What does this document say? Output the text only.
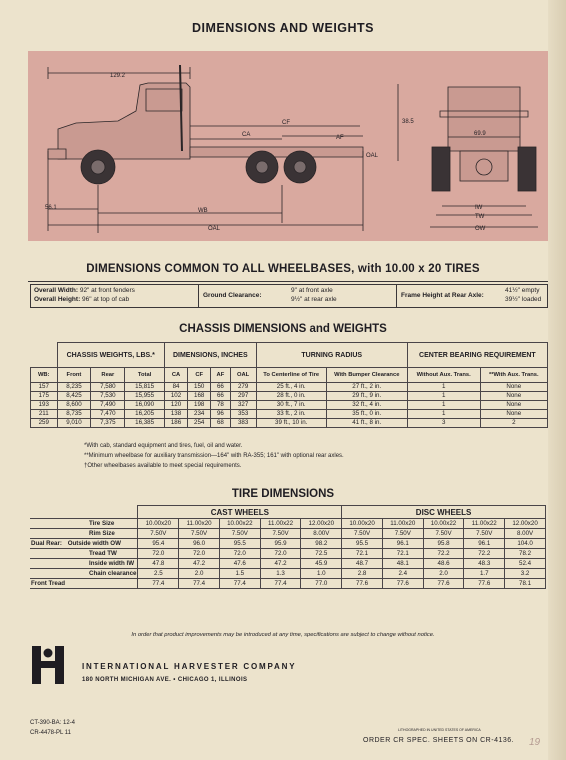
DIMENSIONS AND WEIGHTS
129.2
38.5
69.9
CA
CF
AF
OAL
56.1	WB
OAL
IW
TW
OW
DIMENSIONS COMMON TO ALL WHEELBASES, with 10.00 x 20 TIRES
Overall Width: 92" at front fenders
Overall Height: 96" at top of cab
Ground Clearance:
9" at front axle
9½" at rear axle
Frame Height at Rear Axle:
41½" empty
39½" loaded
CHASSIS DIMENSIONS and WEIGHTS
	CHASSIS WEIGHTS, LBS.*			DIMENSIONS, INCHES				TURNING RADIUS		CENTER BEARING REQUIREMENT	
WB:	Front	Rear	Total	CA	CF	AF	OAL	To Centerline of Tire	With Bumper Clearance	Without Aux. Trans.	**With Aux. Trans.
157	8,235	7,580	15,815	84	150	66	279	25 ft., 4 in.	27 ft., 2 in.	1	None
175	8,425	7,530	15,955	102	168	66	297	28 ft., 0 in.	29 ft., 9 in.	1	None
193	8,600	7,490	16,090	120	198	78	327	30 ft., 7 in.	32 ft., 4 in.	1	None
211	8,735	7,470	16,205	138	234	96	353	33 ft., 2 in.	35 ft., 0 in.	1	None
259	9,010	7,375	16,385	186	254	68	383	39 ft., 10 in.	41 ft., 8 in.	3	2
*With cab, standard equipment and tires, fuel, oil and water.
**Minimum wheelbase for auxiliary transmission—164" with RA-355; 161" with optional rear axles.
†Other wheelbases available to meet special requirements.
TIRE DIMENSIONS
	CAST WHEELS					DISC WHEELS				
Tire Size	10.00x20	11.00x20	10.00x22	11.00x22	12.00x20	10.00x20	11.00x20	10.00x22	11.00x22	12.00x20
Rim Size	7.50V	7.50V	7.50V	7.50V	8.00V	7.50V	7.50V	7.50V	7.50V	8.00V
Dual Rear: Outside width OW	95.4	96.0	95.5	95.9	98.2	95.5	96.1	95.8	96.1	104.0
Tread TW	72.0	72.0	72.0	72.0	72.5	72.1	72.1	72.2	72.2	78.2
Inside width IW	47.8	47.2	47.6	47.2	45.9	48.7	48.1	48.6	48.3	52.4
Chain clearance	2.5	2.0	1.5	1.3	1.0	2.8	2.4	2.0	1.7	3.2
Front Tread	77.4	77.4	77.4	77.4	77.0	77.6	77.6	77.6	77.6	78.1
In order that product improvements may be introduced at any time, specifications are subject to change without notice.
INTERNATIONAL HARVESTER COMPANY
180 NORTH MICHIGAN AVE. • CHICAGO 1, ILLINOIS
CT-390-BA: 12-4
CR-4478-PL 11	LITHOGRAPHED IN UNITED STATES OF AMERICA
ORDER CR SPEC. SHEETS ON CR-4136. 19
